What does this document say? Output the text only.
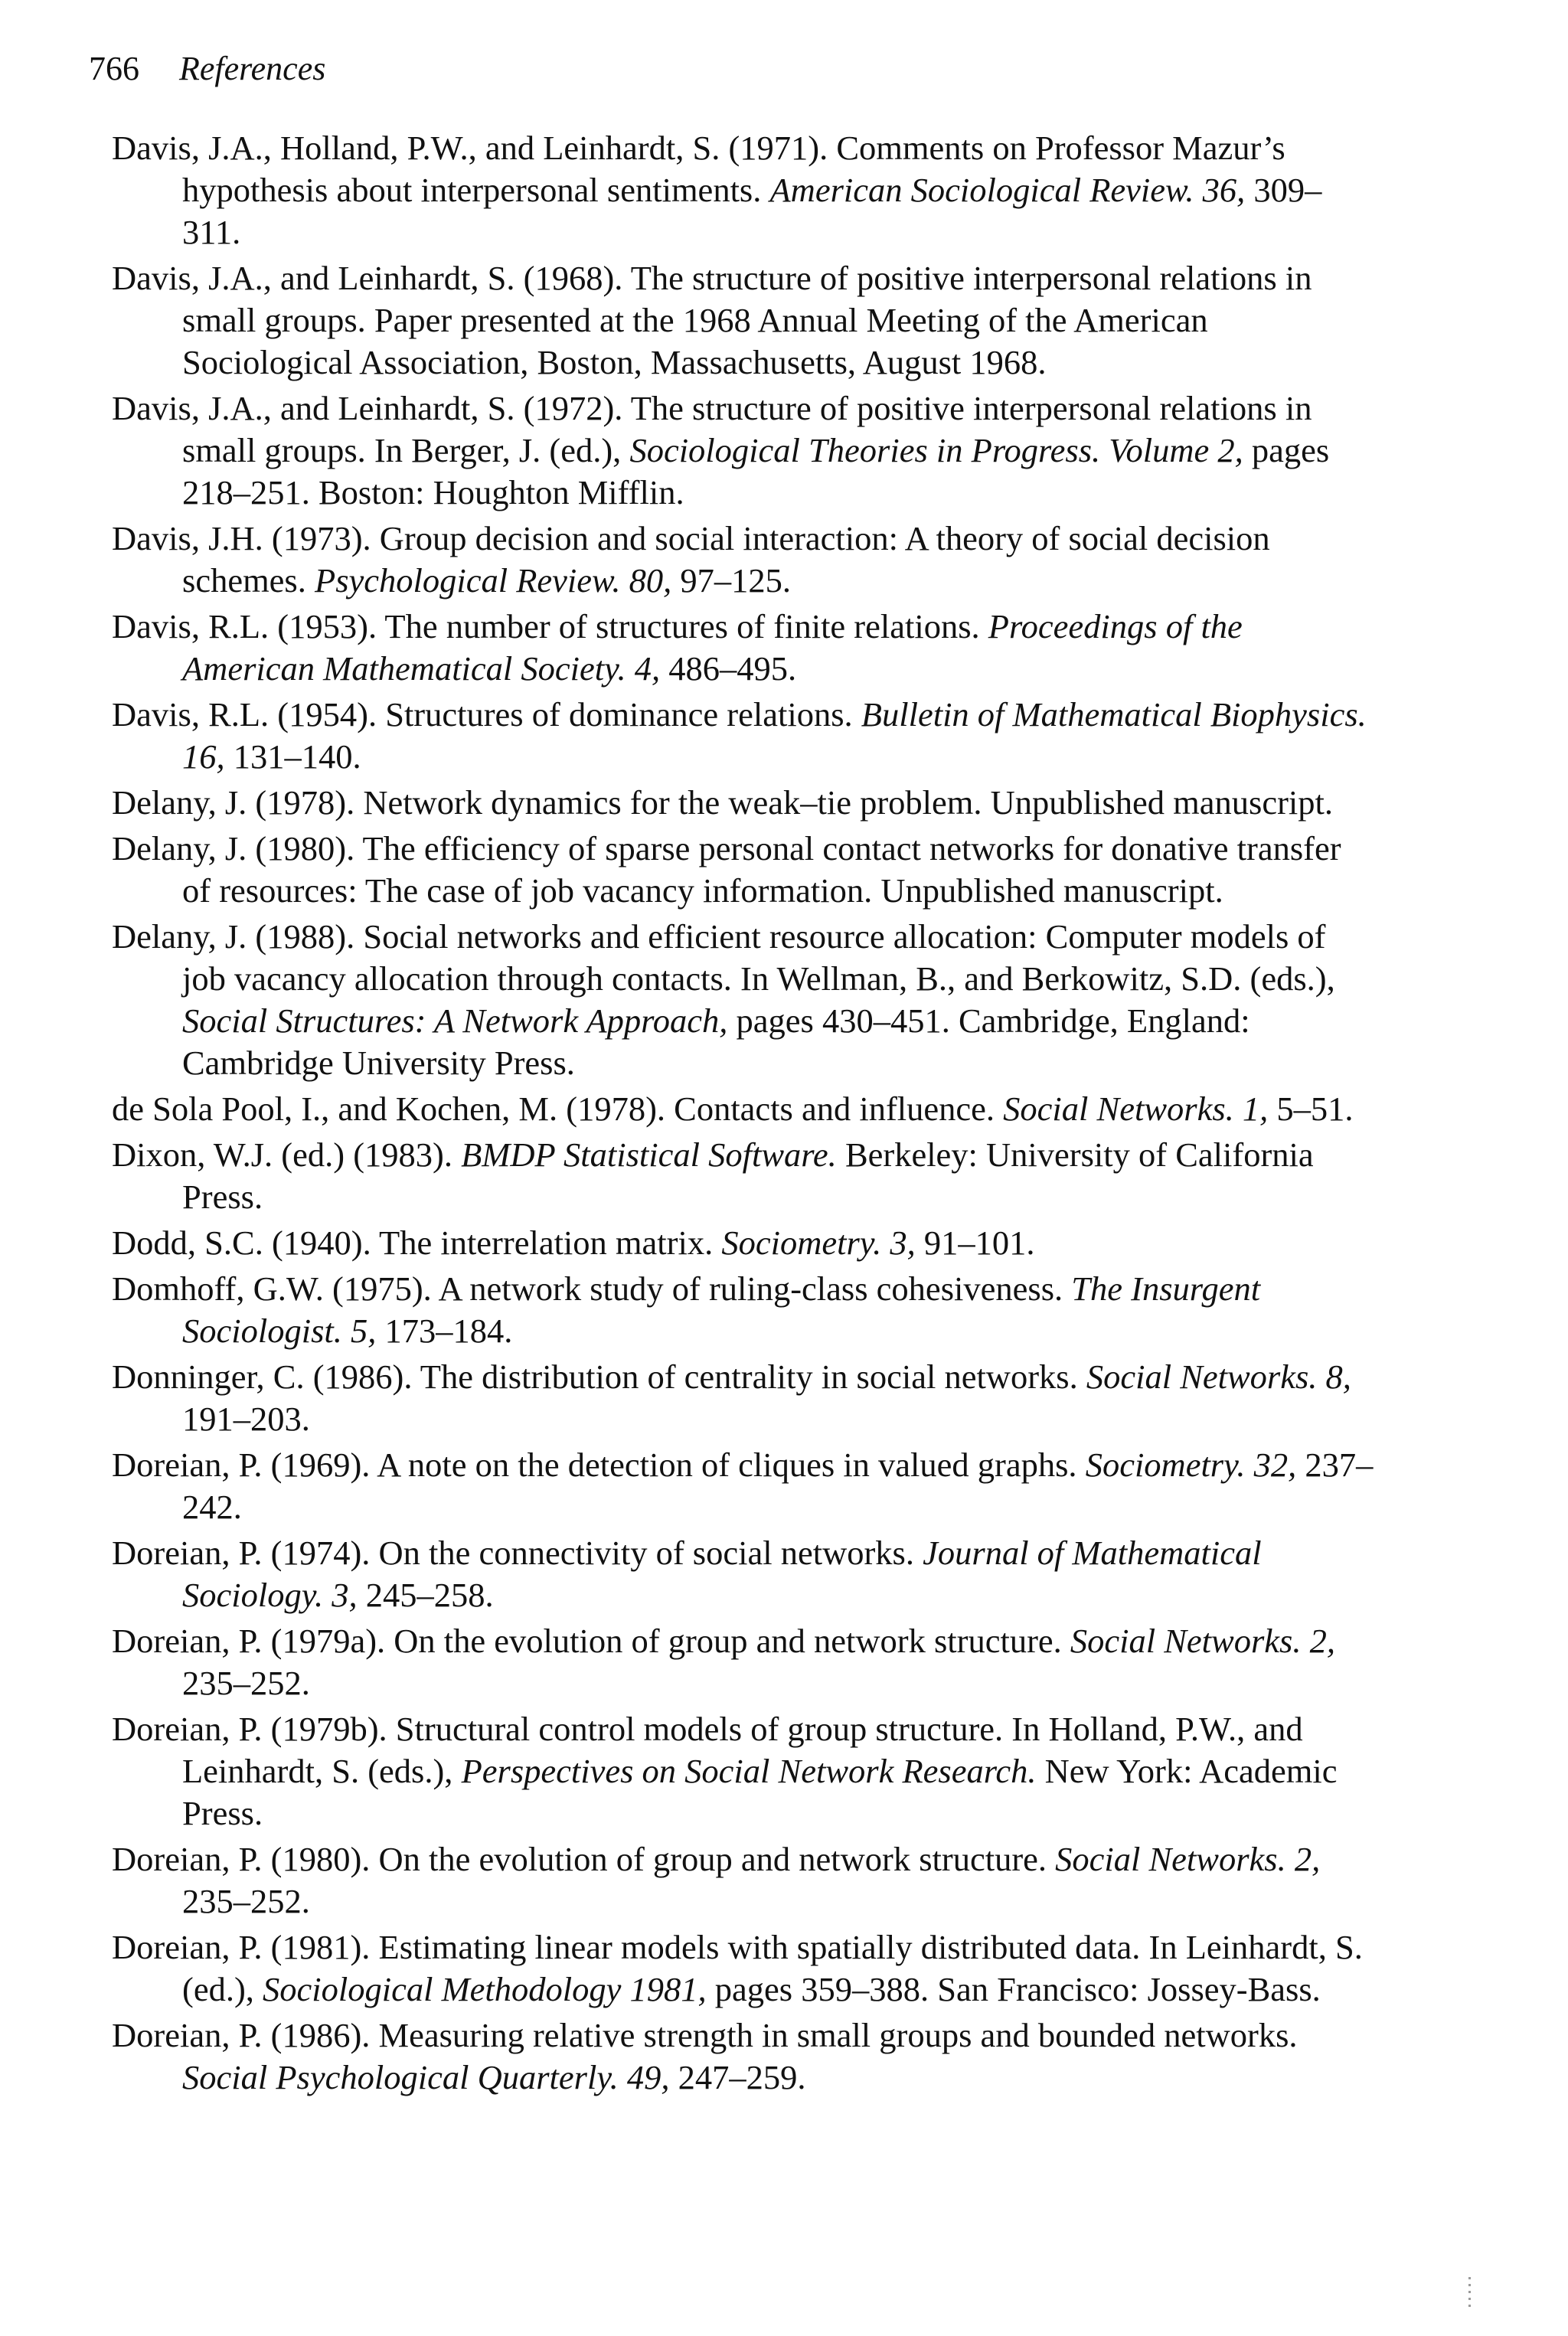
766 References
Davis, J.A., Holland, P.W., and Leinhardt, S. (1971). Comments on Professor Mazur’s hypothesis about interpersonal sentiments. American Sociological Review. 36, 309–311.
Davis, J.A., and Leinhardt, S. (1968). The structure of positive interpersonal relations in small groups. Paper presented at the 1968 Annual Meeting of the American Sociological Association, Boston, Massachusetts, August 1968.
Davis, J.A., and Leinhardt, S. (1972). The structure of positive interpersonal relations in small groups. In Berger, J. (ed.), Sociological Theories in Progress. Volume 2, pages 218–251. Boston: Houghton Mifflin.
Davis, J.H. (1973). Group decision and social interaction: A theory of social decision schemes. Psychological Review. 80, 97–125.
Davis, R.L. (1953). The number of structures of finite relations. Proceedings of the American Mathematical Society. 4, 486–495.
Davis, R.L. (1954). Structures of dominance relations. Bulletin of Mathematical Biophysics. 16, 131–140.
Delany, J. (1978). Network dynamics for the weak–tie problem. Unpublished manuscript.
Delany, J. (1980). The efficiency of sparse personal contact networks for donative transfer of resources: The case of job vacancy information. Unpublished manuscript.
Delany, J. (1988). Social networks and efficient resource allocation: Computer models of job vacancy allocation through contacts. In Wellman, B., and Berkowitz, S.D. (eds.), Social Structures: A Network Approach, pages 430–451. Cambridge, England: Cambridge University Press.
de Sola Pool, I., and Kochen, M. (1978). Contacts and influence. Social Networks. 1, 5–51.
Dixon, W.J. (ed.) (1983). BMDP Statistical Software. Berkeley: University of California Press.
Dodd, S.C. (1940). The interrelation matrix. Sociometry. 3, 91–101.
Domhoff, G.W. (1975). A network study of ruling-class cohesiveness. The Insurgent Sociologist. 5, 173–184.
Donninger, C. (1986). The distribution of centrality in social networks. Social Networks. 8, 191–203.
Doreian, P. (1969). A note on the detection of cliques in valued graphs. Sociometry. 32, 237–242.
Doreian, P. (1974). On the connectivity of social networks. Journal of Mathematical Sociology. 3, 245–258.
Doreian, P. (1979a). On the evolution of group and network structure. Social Networks. 2, 235–252.
Doreian, P. (1979b). Structural control models of group structure. In Holland, P.W., and Leinhardt, S. (eds.), Perspectives on Social Network Research. New York: Academic Press.
Doreian, P. (1980). On the evolution of group and network structure. Social Networks. 2, 235–252.
Doreian, P. (1981). Estimating linear models with spatially distributed data. In Leinhardt, S. (ed.), Sociological Methodology 1981, pages 359–388. San Francisco: Jossey-Bass.
Doreian, P. (1986). Measuring relative strength in small groups and bounded networks. Social Psychological Quarterly. 49, 247–259.
